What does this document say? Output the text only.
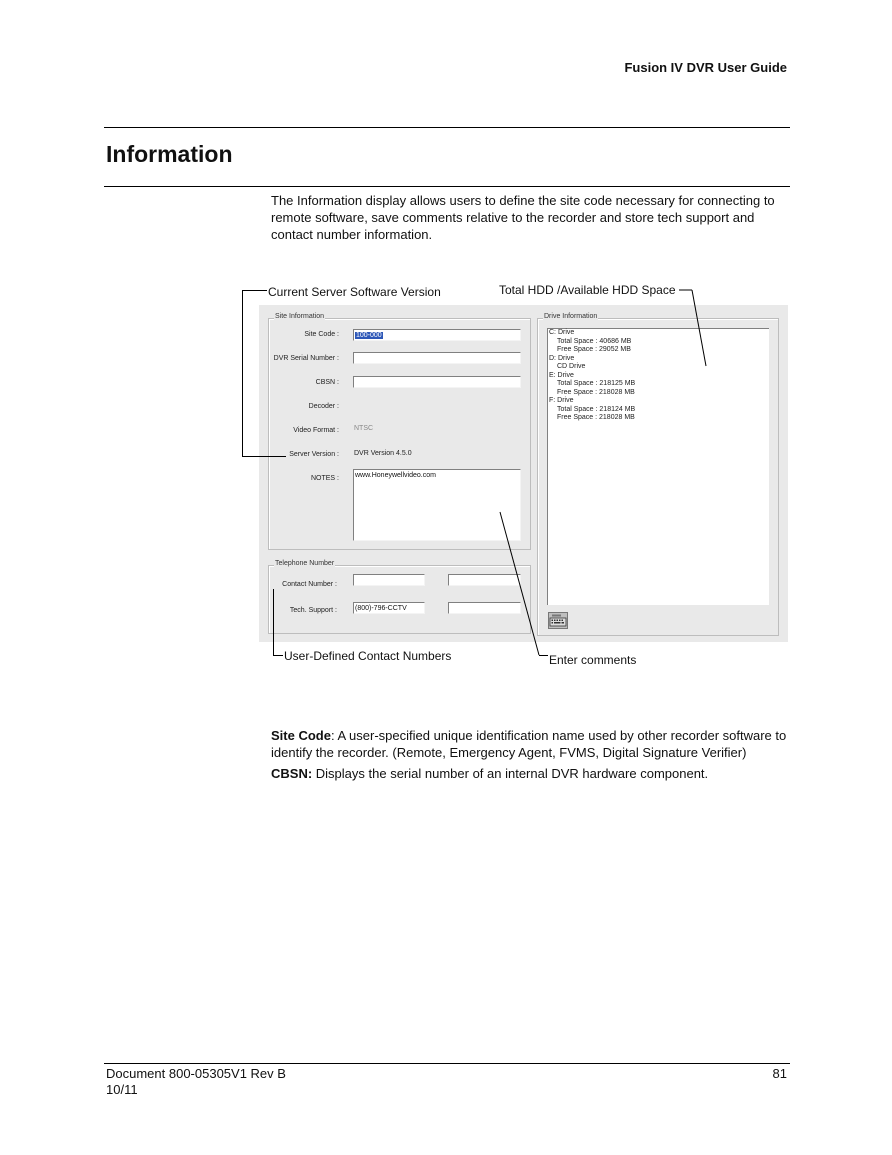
Fusion IV DVR User Guide
Information
The Information display allows users to define the site code necessary for connecting to remote software, save comments relative to the recorder and store tech support and contact number information.
Current Server Software Version	Total HDD /Available HDD Space
User-Defined Contact Numbers	Enter comments
Site Information
Site Code :	100-000
DVR Serial Number :
CBSN :
Decoder :
Video Format : NTSC
Server Version : DVR Version 4.5.0
NOTES : www.Honeywellvideo.com
Telephone Number
Contact Number :
Tech. Support :	(800)-796-CCTV
Drive Information
C: Drive
Total Space : 40686 MB
Free Space : 29052 MB
D: Drive
CD Drive
E: Drive
Total Space : 218125 MB
Free Space : 218028 MB
F: Drive
Total Space : 218124 MB
Free Space : 218028 MB
Site Code: A user-specified unique identification name used by other recorder software to identify the recorder. (Remote, Emergency Agent, FVMS, Digital Signature Verifier)
CBSN: Displays the serial number of an internal DVR hardware component.
Document 800-05305V1 Rev B
10/11
81
